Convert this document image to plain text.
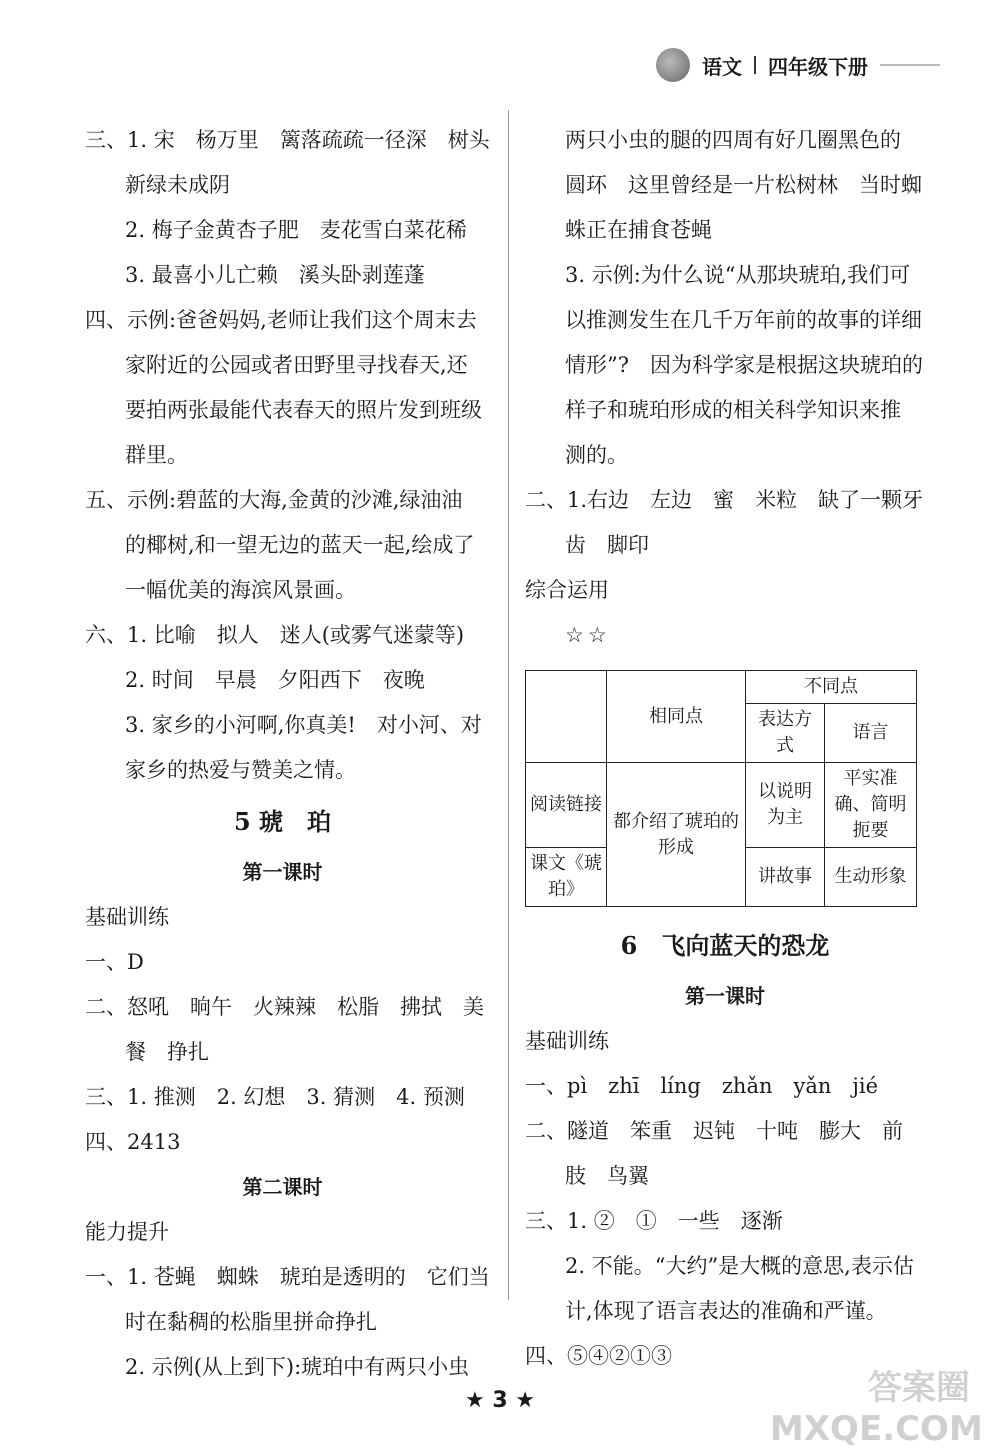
语文 四年级下册
三、1. 宋　杨万里　篱落疏疏一径深　树头
新绿未成阴
2. 梅子金黄杏子肥　麦花雪白菜花稀
3. 最喜小儿亡赖　溪头卧剥莲蓬
四、示例:爸爸妈妈,老师让我们这个周末去
家附近的公园或者田野里寻找春天,还
要拍两张最能代表春天的照片发到班级
群里。
五、示例:碧蓝的大海,金黄的沙滩,绿油油
的椰树,和一望无边的蓝天一起,绘成了
一幅优美的海滨风景画。
六、1. 比喻　拟人　迷人(或雾气迷蒙等)
2. 时间　早晨　夕阳西下　夜晚
3. 家乡的小河啊,你真美!　对小河、对
家乡的热爱与赞美之情。
5 琥　珀
第一课时
基础训练
一、D
二、怒吼　晌午　火辣辣　松脂　拂拭　美
餐　挣扎
三、1. 推测　2. 幻想　3. 猜测　4. 预测
四、2413
第二课时
能力提升
一、1. 苍蝇　蜘蛛　琥珀是透明的　它们当
时在黏稠的松脂里拼命挣扎
2. 示例(从上到下):琥珀中有两只小虫
两只小虫的腿的四周有好几圈黑色的
圆环　这里曾经是一片松树林　当时蜘
蛛正在捕食苍蝇
3. 示例:为什么说“从那块琥珀,我们可
以推测发生在几千万年前的故事的详细
情形”?　因为科学家是根据这块琥珀的
样子和琥珀形成的相关科学知识来推
测的。
二、1.右边　左边　蜜　米粒　缺了一颗牙
齿　脚印
综合运用
☆☆
	相同点	不同点	
		表达方式	语言
阅读链接	都介绍了琥珀的形成	以说明为主	平实准确、简明扼要
课文《琥珀》		讲故事	生动形象
6　飞向蓝天的恐龙
第一课时
基础训练
一、pì　zhī　líng　zhǎn　yǎn　jié
二、隧道　笨重　迟钝　十吨　膨大　前
肢　鸟翼
三、1. ②　①　一些　逐渐
2. 不能。“大约”是大概的意思,表示估
计,体现了语言表达的准确和严谨。
四、⑤④②①③
★ 3 ★	答案圈 MXQE.COM
